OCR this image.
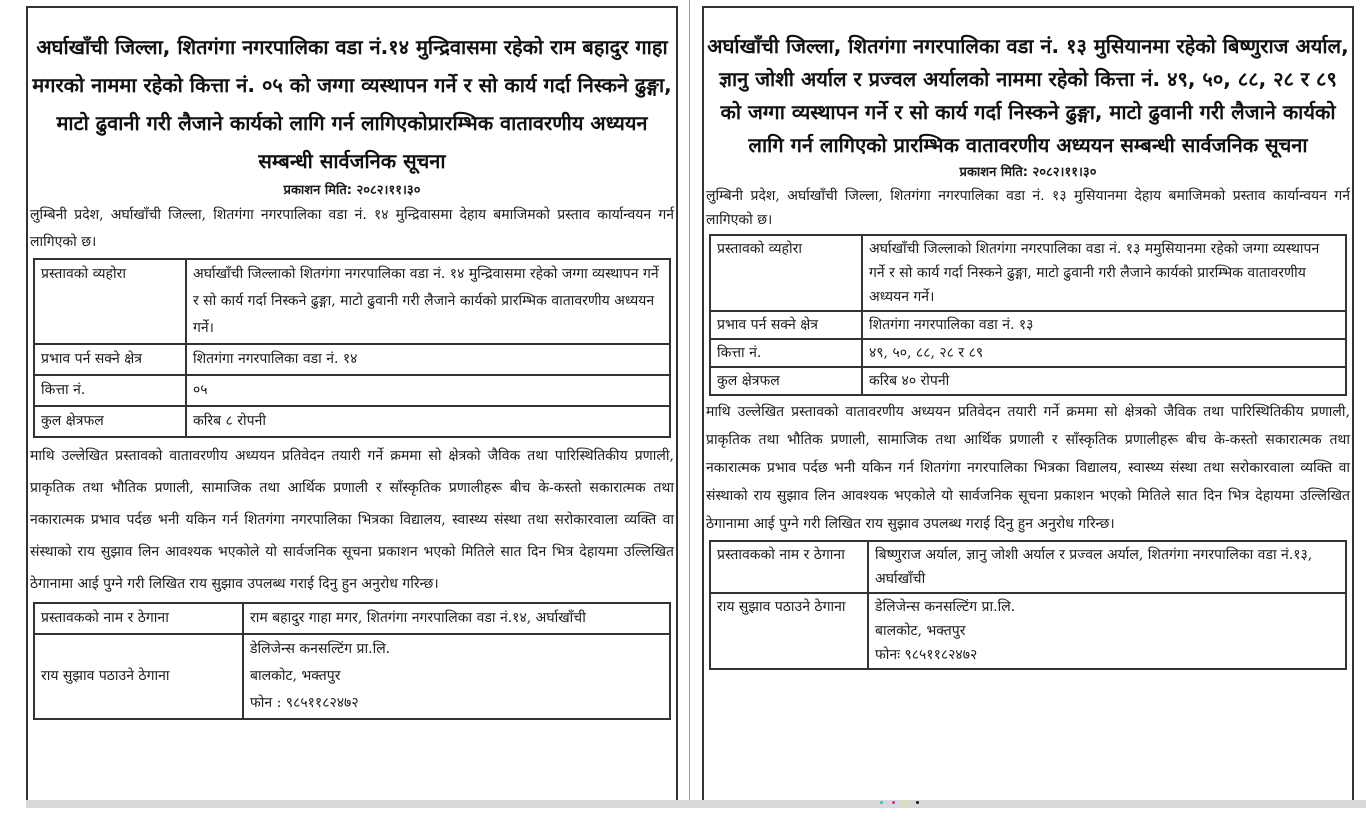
अर्घाखाँची जिल्ला, शितगंगा नगरपालिका वडा नं.१४ मुन्द्रिवासमा रहेको राम बहादुर गाहा मगरको नाममा रहेको कित्ता नं. ०५ को जग्गा व्यस्थापन गर्ने र सो कार्य गर्दा निस्कने ढुङ्गा, माटो ढुवानी गरी लैजाने कार्यको लागि गर्न लागिएकोप्रारम्भिक वातावरणीय अध्ययन सम्बन्धी सार्वजनिक सूचना
प्रकाशन मिति: २०८२।११।३०
लुम्बिनी प्रदेश, अर्घाखाँची जिल्ला, शितगंगा नगरपालिका वडा नं. १४ मुन्द्रिवासमा देहाय बमाजिमको प्रस्ताव कार्यान्वयन गर्न लागिएको छ।
प्रस्तावको व्यहोरा	अर्घाखाँची जिल्लाको शितगंगा नगरपालिका वडा नं. १४ मुन्द्रिवासमा रहेको जग्गा व्यस्थापन गर्ने र सो कार्य गर्दा निस्कने ढुङ्गा, माटो ढुवानी गरी लैजाने कार्यको प्रारम्भिक वातावरणीय अध्ययन गर्ने।
प्रभाव पर्न सक्ने क्षेत्र	शितगंगा नगरपालिका वडा नं. १४
कित्ता नं.	०५
कुल क्षेत्रफल	करिब ८ रोपनी
माथि उल्लेखित प्रस्तावको वातावरणीय अध्ययन प्रतिवेदन तयारी गर्ने क्रममा सो क्षेत्रको जैविक तथा पारिस्थितिकीय प्रणाली, प्राकृतिक तथा भौतिक प्रणाली, सामाजिक तथा आर्थिक प्रणाली र साँस्कृतिक प्रणालीहरू बीच के-कस्तो सकारात्मक तथा नकारात्मक प्रभाव पर्दछ भनी यकिन गर्न शितगंगा नगरपालिका भित्रका विद्यालय, स्वास्थ्य संस्था तथा सरोकारवाला व्यक्ति वा संस्थाको राय सुझाव लिन आवश्यक भएकोले यो सार्वजनिक सूचना प्रकाशन भएको मितिले सात दिन भित्र देहायमा उल्लिखित ठेगानामा आई पुग्ने गरी लिखित राय सुझाव उपलब्ध गराई दिनु हुन अनुरोध गरिन्छ।
प्रस्तावकको नाम र ठेगाना	राम बहादुर गाहा मगर, शितगंगा नगरपालिका वडा नं.१४, अर्घाखाँची
राय सुझाव पठाउने ठेगाना	डेलिजेन्स कनसल्टिंग प्रा.लि.
बालकोट, भक्तपुर
फोन : ९८५११८२४७२
अर्घाखाँची जिल्ला, शितगंगा नगरपालिका वडा नं. १३ मुसियानमा रहेको बिष्णुराज अर्याल, ज्ञानु जोशी अर्याल र प्रज्वल अर्यालको नाममा रहेको कित्ता नं. ४९, ५०, ८८, २८ र ८९ को जग्गा व्यस्थापन गर्ने र सो कार्य गर्दा निस्कने ढुङ्गा, माटो ढुवानी गरी लैजाने कार्यको लागि गर्न लागिएको प्रारम्भिक वातावरणीय अध्ययन सम्बन्धी सार्वजनिक सूचना
प्रकाशन मिति: २०८२।११।३०
लुम्बिनी प्रदेश, अर्घाखाँची जिल्ला, शितगंगा नगरपालिका वडा नं. १३ मुसियानमा देहाय बमाजिमको प्रस्ताव कार्यान्वयन गर्न लागिएको छ।
प्रस्तावको व्यहोरा	अर्घाखाँची जिल्लाको शितगंगा नगरपालिका वडा नं. १३ ममुसियानमा रहेको जग्गा व्यस्थापन गर्ने र सो कार्य गर्दा निस्कने ढुङ्गा, माटो ढुवानी गरी लैजाने कार्यको प्रारम्भिक वातावरणीय अध्ययन गर्ने।
प्रभाव पर्न सक्ने क्षेत्र	शितगंगा नगरपालिका वडा नं. १३
कित्ता नं.	४९, ५०, ८८, २८ र ८९
कुल क्षेत्रफल	करिब ४० रोपनी
माथि उल्लेखित प्रस्तावको वातावरणीय अध्ययन प्रतिवेदन तयारी गर्ने क्रममा सो क्षेत्रको जैविक तथा पारिस्थितिकीय प्रणाली, प्राकृतिक तथा भौतिक प्रणाली, सामाजिक तथा आर्थिक प्रणाली र साँस्कृतिक प्रणालीहरू बीच के-कस्तो सकारात्मक तथा नकारात्मक प्रभाव पर्दछ भनी यकिन गर्न शितगंगा नगरपालिका भित्रका विद्यालय, स्वास्थ्य संस्था तथा सरोकारवाला व्यक्ति वा संस्थाको राय सुझाव लिन आवश्यक भएकोले यो सार्वजनिक सूचना प्रकाशन भएको मितिले सात दिन भित्र देहायमा उल्लिखित ठेगानामा आई पुग्ने गरी लिखित राय सुझाव उपलब्ध गराई दिनु हुन अनुरोध गरिन्छ।
प्रस्तावकको नाम र ठेगाना	बिष्णुराज अर्याल, ज्ञानु जोशी अर्याल र प्रज्वल अर्याल, शितगंगा नगरपालिका वडा नं.१३, अर्घाखाँची
राय सुझाव पठाउने ठेगाना	डेलिजेन्स कनसल्टिंग प्रा.लि.
बालकोट, भक्तपुर
फोनः ९८५११८२४७२
